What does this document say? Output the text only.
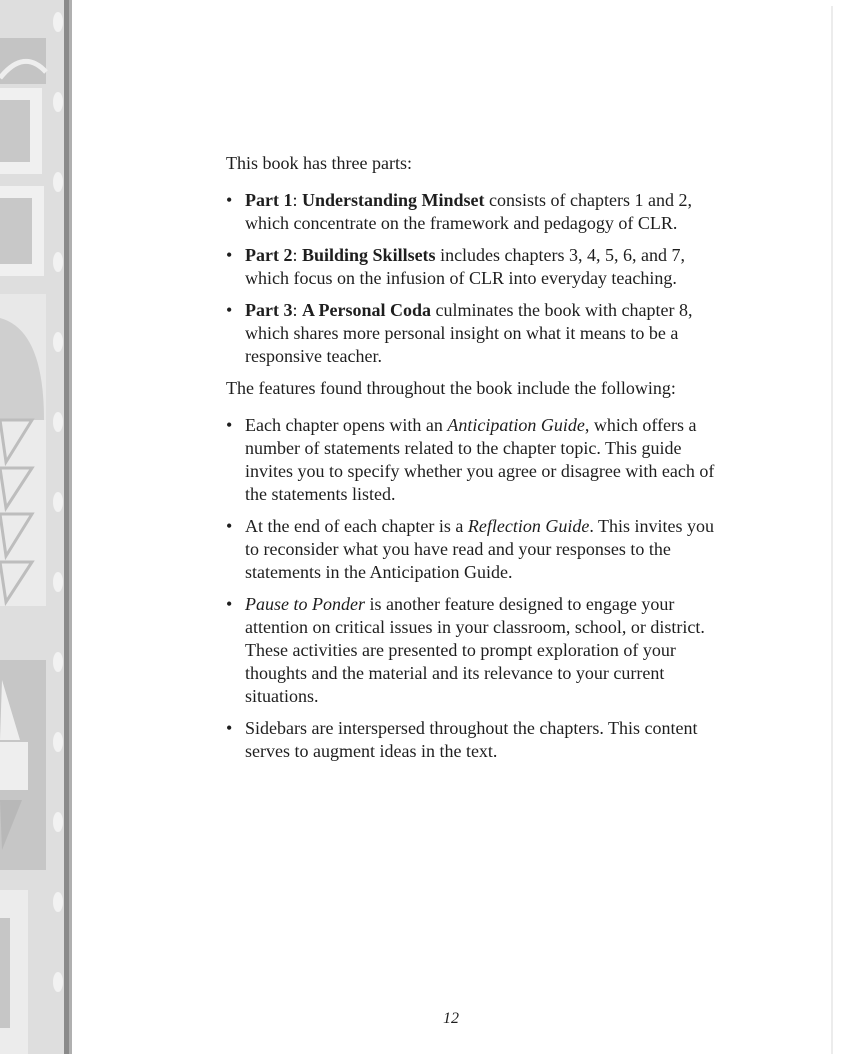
This book has three parts:

• Part 1: Understanding Mindset consists of chapters 1 and 2, which concentrate on the framework and pedagogy of CLR.
• Part 2: Building Skillsets includes chapters 3, 4, 5, 6, and 7, which focus on the infusion of CLR into everyday teaching.
• Part 3: A Personal Coda culminates the book with chapter 8, which shares more personal insight on what it means to be a responsive teacher.

The features found throughout the book include the following:

• Each chapter opens with an Anticipation Guide, which offers a number of statements related to the chapter topic. This guide invites you to specify whether you agree or disagree with each of the statements listed.
• At the end of each chapter is a Reflection Guide. This invites you to reconsider what you have read and your responses to the statements in the Anticipation Guide.
• Pause to Ponder is another feature designed to engage your attention on critical issues in your classroom, school, or district. These activities are presented to prompt exploration of your thoughts and the material and its relevance to your current situations.
• Sidebars are interspersed throughout the chapters. This content serves to augment ideas in the text.
12
